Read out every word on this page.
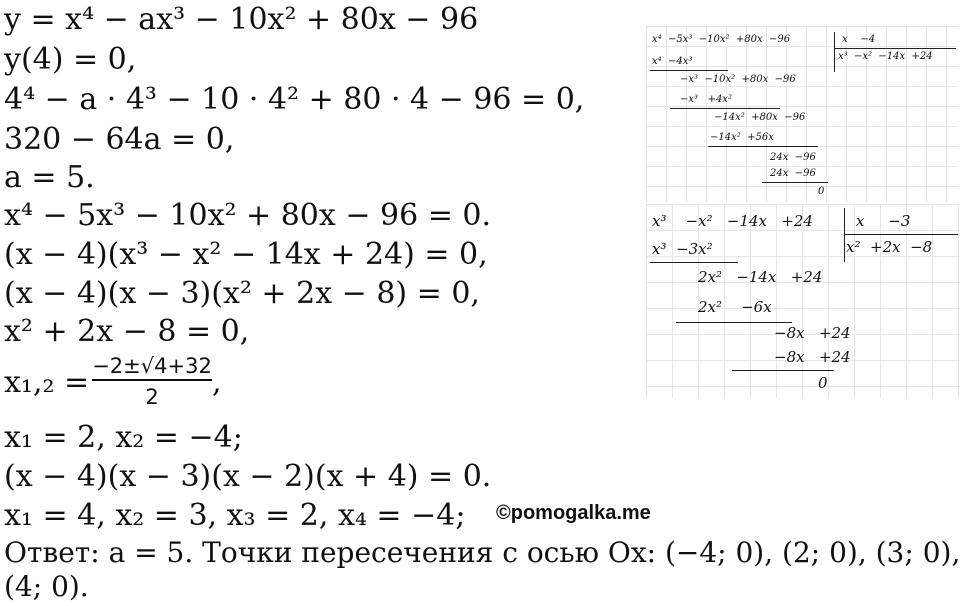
y = x⁴ − ax³ − 10x² + 80x − 96
y(4) = 0,
4⁴ − a · 4³ − 10 · 4² + 80 · 4 − 96 = 0,
320 − 64a = 0,
a = 5.
x⁴ − 5x³ − 10x² + 80x − 96 = 0.
(x − 4)(x³ − x² − 14x + 24) = 0,
(x − 4)(x − 3)(x² + 2x − 8) = 0,
x² + 2x − 8 = 0,
x₁,₂ = −2±√4+32
2	,
x₁ = 2, x₂ = −4;
(x − 4)(x − 3)(x − 2)(x + 4) = 0.
x₁ = 4, x₂ = 3, x₃ = 2, x₄ = −4;
Ответ: a = 5. Точки пересечения с осью Ox: (−4; 0), (2; 0), (3; 0),
(4; 0).
©pomogalka.me
x⁴  −5x³  −10x²  +80x  −96	x    −4
x³  −x²  −14x  +24
x⁴  −4x³
−x³  −10x²  +80x  −96
−x³   +4x²
−14x²  +80x  −96
−14x²  +56x
24x  −96
24x  −96
0
x³    −x²   −14x   +24	x     −3
x²  +2x  −8
x³  −3x²
2x²   −14x   +24
2x²    −6x
−8x   +24
−8x   +24
0
